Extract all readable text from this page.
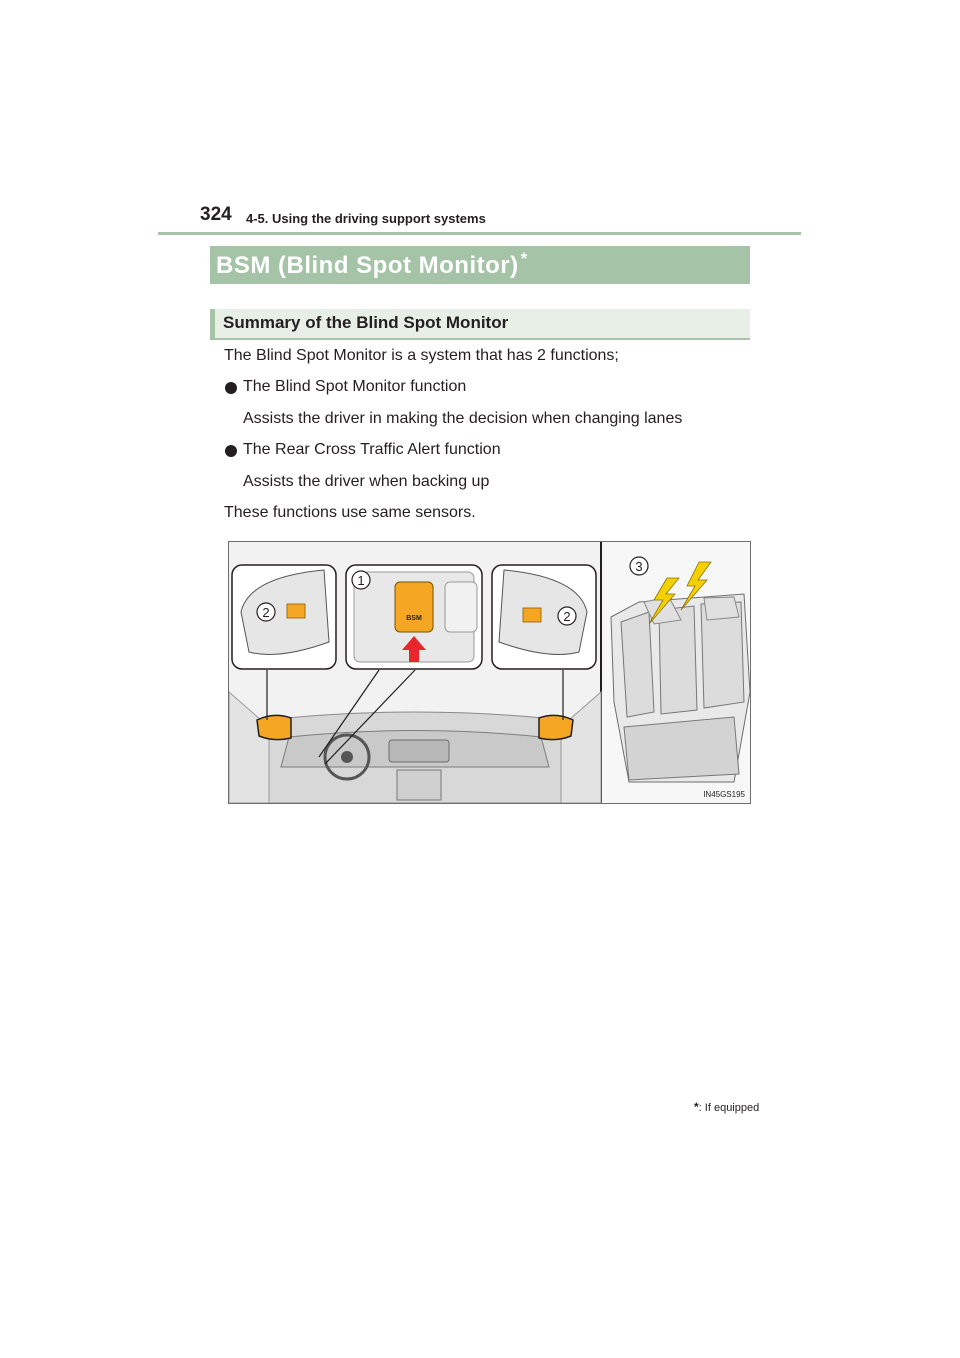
324 4-5. Using the driving support systems
BSM (Blind Spot Monitor) *
Summary of the Blind Spot Monitor
The Blind Spot Monitor is a system that has 2 functions;
The Blind Spot Monitor function
Assists the driver in making the decision when changing lanes
The Rear Cross Traffic Alert function
Assists the driver when backing up
These functions use same sensors.
2	BSM
1
2
3
IN45GS195
*: If equipped
